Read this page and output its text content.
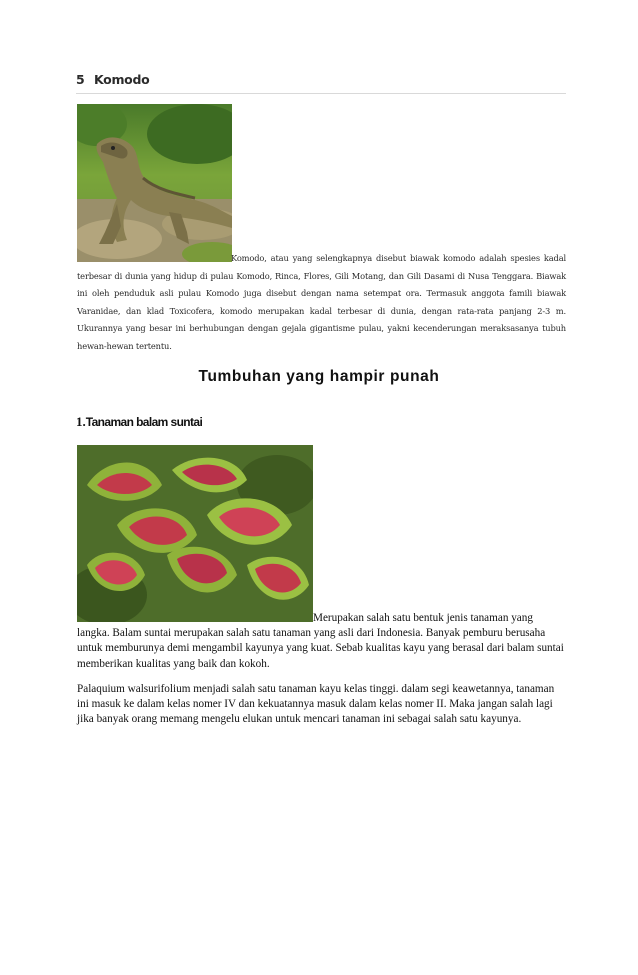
5 Komodo
Komodo, atau yang selengkapnya disebut biawak komodo adalah spesies kadal terbesar di dunia yang hidup di pulau Komodo, Rinca, Flores, Gili Motang, dan Gili Dasami di Nusa Tenggara. Biawak ini oleh penduduk asli pulau Komodo juga disebut dengan nama setempat ora. Termasuk anggota famili biawak Varanidae, dan klad Toxicofera, komodo merupakan kadal terbesar di dunia, dengan rata-rata panjang 2-3 m. Ukurannya yang besar ini berhubungan dengan gejala gigantisme pulau, yakni kecenderungan meraksasanya tubuh hewan-hewan tertentu.
Tumbuhan yang hampir punah
1.Tanaman balam suntai
Merupakan salah satu bentuk jenis tanaman yang langka. Balam suntai merupakan salah satu tanaman yang asli dari Indonesia. Banyak pemburu berusaha untuk memburunya demi mengambil kayunya yang kuat. Sebab kualitas kayu yang berasal dari balam suntai memberikan kualitas yang baik dan kokoh.
Palaquium walsurifolium menjadi salah satu tanaman kayu kelas tinggi. dalam segi keawetannya, tanaman ini masuk ke dalam kelas nomer IV dan kekuatannya masuk dalam kelas nomer II. Maka jangan salah lagi jika banyak orang memang mengelu elukan untuk mencari tanaman ini sebagai salah satu kayunya.
